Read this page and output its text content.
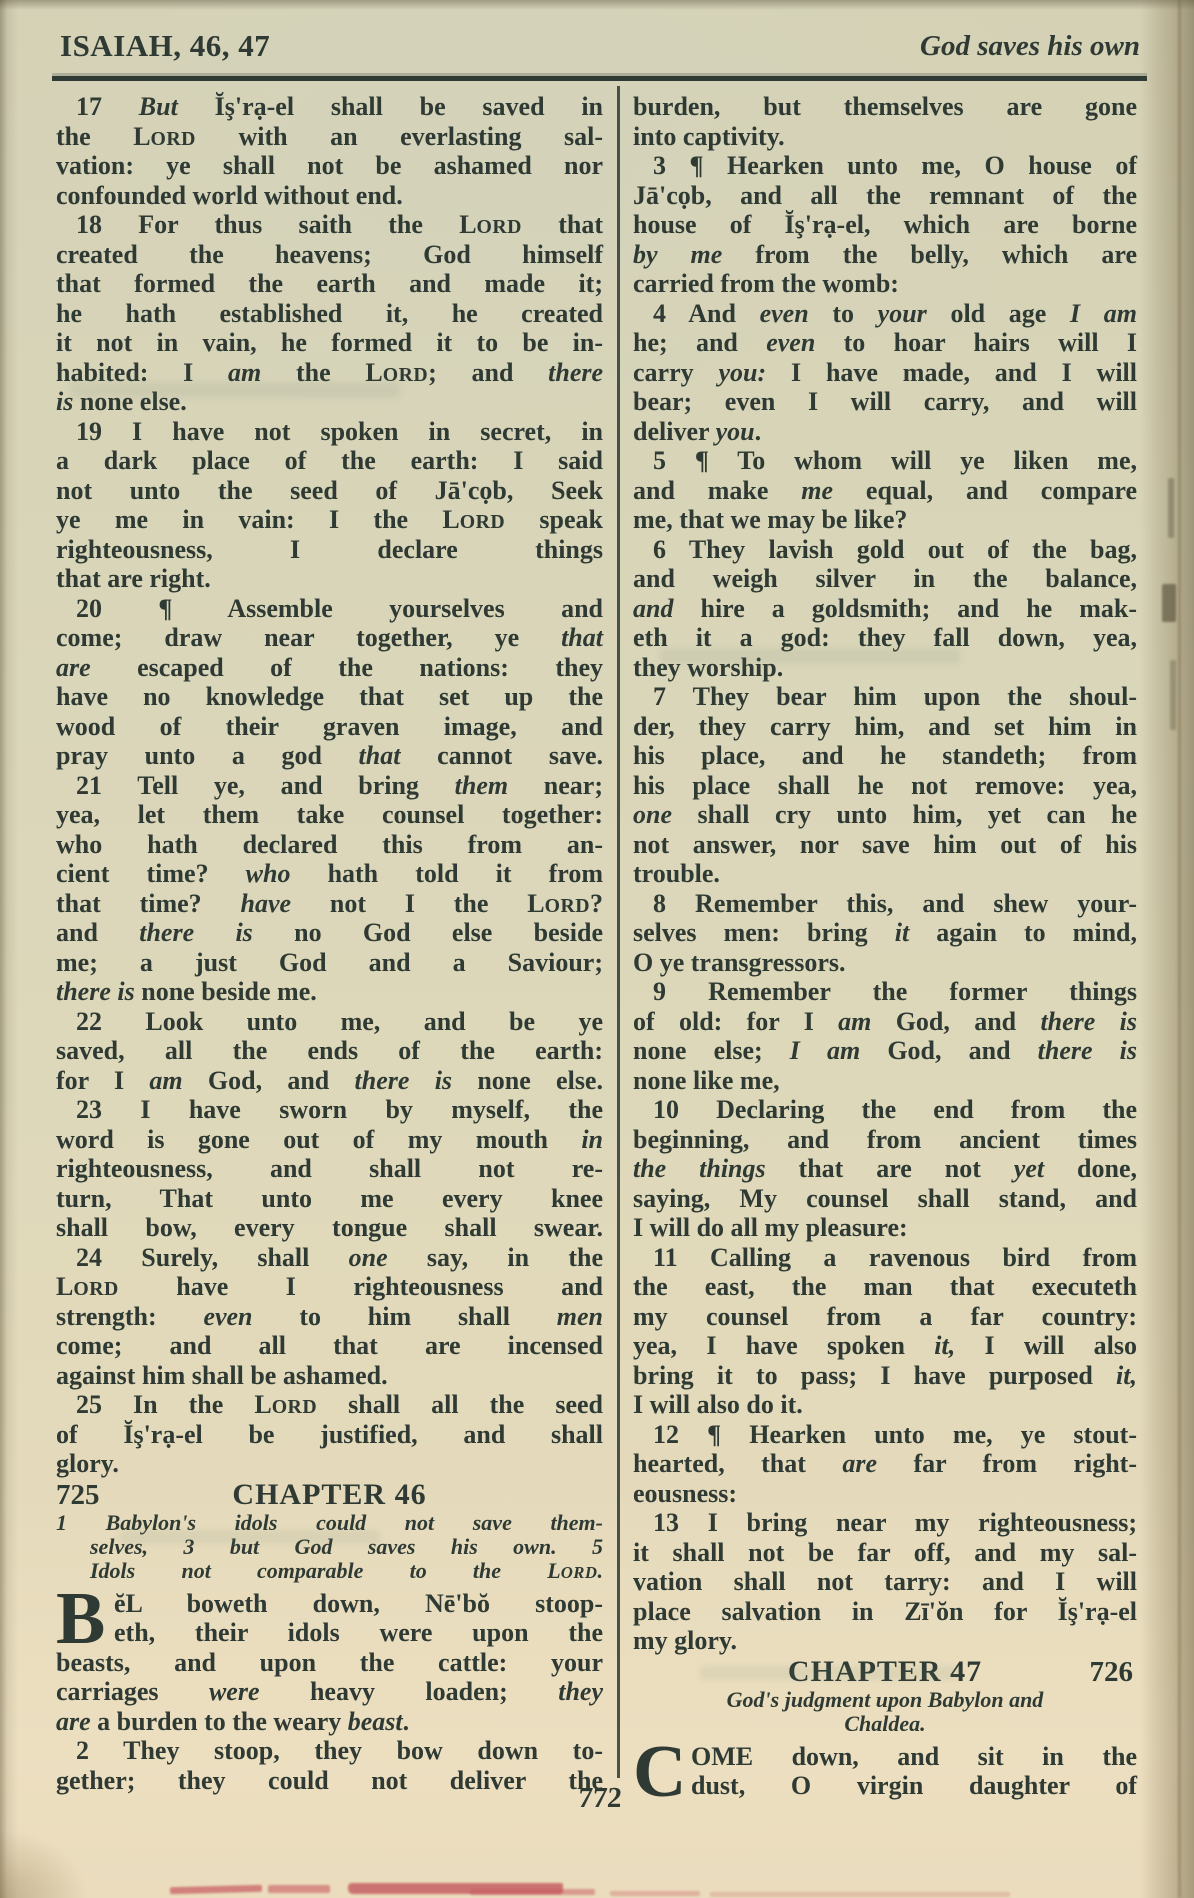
ISAIAH, 46, 47	God saves his own
17 But Ĭş'rạ-el shall be saved in
the LORD with an everlasting sal-
vation: ye shall not be ashamed nor
confounded world without end.
18 For thus saith the LORD that
created the heavens; God himself
that formed the earth and made it;
he hath established it, he created
it not in vain, he formed it to be in-
habited: I am the LORD; and there
is none else.
19 I have not spoken in secret, in
a dark place of the earth: I said
not unto the seed of Jā'cọb, Seek
ye me in vain: I the LORD speak
righteousness, I declare things
that are right.
20 ¶ Assemble yourselves and
come; draw near together, ye that
are escaped of the nations: they
have no knowledge that set up the
wood of their graven image, and
pray unto a god that cannot save.
21 Tell ye, and bring them near;
yea, let them take counsel together:
who hath declared this from an-
cient time? who hath told it from
that time? have not I the LORD?
and there is no God else beside
me; a just God and a Saviour;
there is none beside me.
22 Look unto me, and be ye
saved, all the ends of the earth:
for I am God, and there is none else.
23 I have sworn by myself, the
word is gone out of my mouth in
righteousness, and shall not re-
turn, That unto me every knee
shall bow, every tongue shall swear.
24 Surely, shall one say, in the
LORD have I righteousness and
strength: even to him shall men
come; and all that are incensed
against him shall be ashamed.
25 In the LORD shall all the seed
of Ĭş'rạ-el be justified, and shall
glory.
725	CHAPTER 46
1 Babylon's idols could not save them-
selves, 3 but God saves his own. 5
Idols not comparable to the LORD.
B ĕL boweth down, Nē'bŏ stoop-
eth, their idols were upon the
beasts, and upon the cattle: your
carriages were heavy loaden; they
are a burden to the weary beast.
2 They stoop, they bow down to-
gether; they could not deliver the
burden, but themselves are gone
into captivity.
3 ¶ Hearken unto me, O house of
Jā'cọb, and all the remnant of the
house of Ĭş'rạ-el, which are borne
by me from the belly, which are
carried from the womb:
4 And even to your old age I am
he; and even to hoar hairs will I
carry you: I have made, and I will
bear; even I will carry, and will
deliver you.
5 ¶ To whom will ye liken me,
and make me equal, and compare
me, that we may be like?
6 They lavish gold out of the bag,
and weigh silver in the balance,
and hire a goldsmith; and he mak-
eth it a god: they fall down, yea,
they worship.
7 They bear him upon the shoul-
der, they carry him, and set him in
his place, and he standeth; from
his place shall he not remove: yea,
one shall cry unto him, yet can he
not answer, nor save him out of his
trouble.
8 Remember this, and shew your-
selves men: bring it again to mind,
O ye transgressors.
9 Remember the former things
of old: for I am God, and there is
none else; I am God, and there is
none like me,
10 Declaring the end from the
beginning, and from ancient times
the things that are not yet done,
saying, My counsel shall stand, and
I will do all my pleasure:
11 Calling a ravenous bird from
the east, the man that executeth
my counsel from a far country:
yea, I have spoken it, I will also
bring it to pass; I have purposed it,
I will also do it.
12 ¶ Hearken unto me, ye stout-
hearted, that are far from right-
eousness:
13 I bring near my righteousness;
it shall not be far off, and my sal-
vation shall not tarry: and I will
place salvation in Zī'ŏn for Ĭş'rạ-el
my glory.
726
CHAPTER 47
God's judgment upon Babylon and
Chaldea.
C OME down, and sit in the
dust, O virgin daughter of
772
